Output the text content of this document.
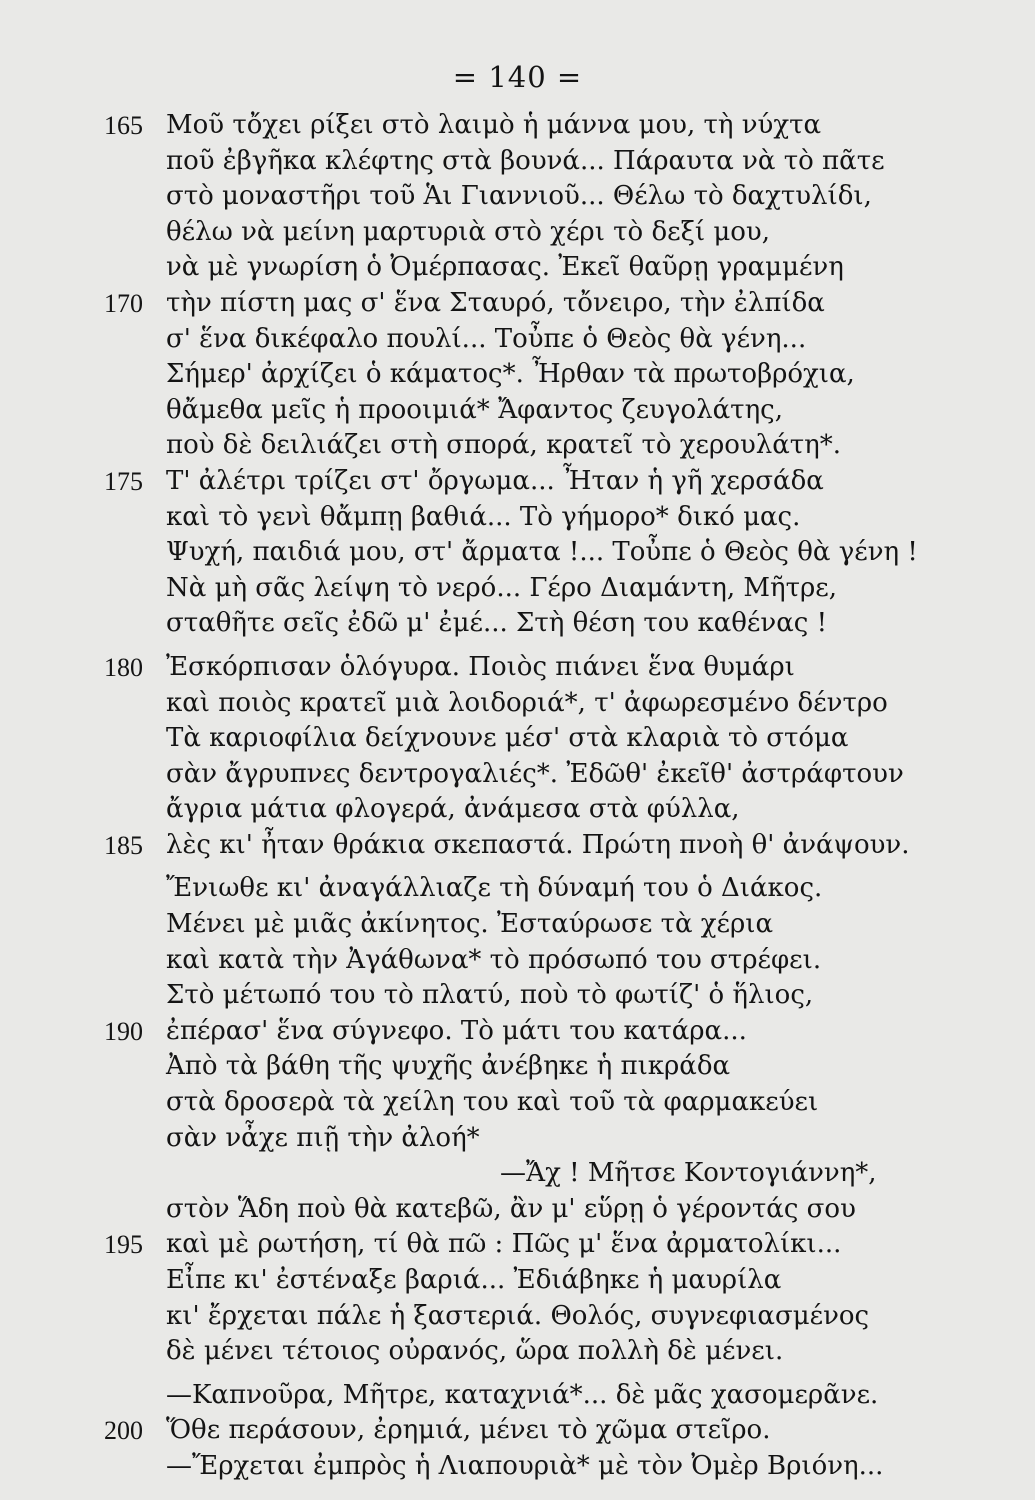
= 140 =
165 Μοῦ τὄχει ρίξει στὸ λαιμὸ ἡ μάννα μου, τὴ νύχτα
ποῦ ἐβγῆκα κλέφτης στὰ βουνά... Πάραυτα νὰ τὸ πᾶτε
στὸ μοναστῆρι τοῦ Ἁι Γιαννιοῦ... Θέλω τὸ δαχτυλίδι,
θέλω νὰ μείνη μαρτυριὰ στὸ χέρι τὸ δεξί μου,
νὰ μὲ γνωρίση ὁ Ὀμέρπασας. Ἐκεῖ θαῦρῃ γραμμένη
170 τὴν πίστη μας σ' ἕνα Σταυρό, τὄνειρο, τὴν ἐλπίδα
σ' ἕνα δικέφαλο πουλί... Τοὖπε ὁ Θεὸς θὰ γένη...
Σήμερ' ἀρχίζει ὁ κάματος*. Ἦρθαν τὰ πρωτοβρόχια,
θἄμεθα μεῖς ἡ προοιμιά* Ἄφαντος ζευγολάτης,
ποὺ δὲ δειλιάζει στὴ σπορά, κρατεῖ τὸ χερουλάτη*.
175 Τ' ἀλέτρι τρίζει στ' ὄργωμα... Ἦταν ἡ γῆ χερσάδα
καὶ τὸ γενὶ θἄμπῃ βαθιά... Τὸ γήμορο* δικό μας.
Ψυχή, παιδιά μου, στ' ἄρματα !... Τοὖπε ὁ Θεὸς θὰ γένη !
Νὰ μὴ σᾶς λείψη τὸ νερό... Γέρο Διαμάντη, Μῆτρε,
σταθῆτε σεῖς ἐδῶ μ' ἐμέ... Στὴ θέση του καθένας !
180 Ἐσκόρπισαν ὁλόγυρα. Ποιὸς πιάνει ἕνα θυμάρι
καὶ ποιὸς κρατεῖ μιὰ λοιδοριά*, τ' ἀφωρεσμένο δέντρο
Τὰ καριοφίλια δείχνουνε μέσ' στὰ κλαριὰ τὸ στόμα
σὰν ἄγρυπνες δεντρογαλιές*. Ἐδῶθ' ἐκεῖθ' ἀστράφτουν
ἄγρια μάτια φλογερά, ἀνάμεσα στὰ φύλλα,
185 λὲς κι' ἦταν θράκια σκεπαστά. Πρώτη πνοὴ θ' ἀνάψουν.
Ἔνιωθε κι' ἀναγάλλιαζε τὴ δύναμή του ὁ Διάκος.
Μένει μὲ μιᾶς ἀκίνητος. Ἐσταύρωσε τὰ χέρια
καὶ κατὰ τὴν Ἀγάθωνα* τὸ πρόσωπό του στρέφει.
Στὸ μέτωπό του τὸ πλατύ, ποὺ τὸ φωτίζ' ὁ ἥλιος,
190 ἐπέρασ' ἕνα σύγνεφο. Τὸ μάτι του κατάρα...
Ἀπὸ τὰ βάθη τῆς ψυχῆς ἀνέβηκε ἡ πικράδα
στὰ δροσερὰ τὰ χείλη του καὶ τοῦ τὰ φαρμακεύει
σὰν νἆχε πιῇ τὴν ἀλοή*
—Ἄχ ! Μῆτσε Κοντογιάννη*,
στὸν Ἅδη ποὺ θὰ κατεβῶ, ἂν μ' εὕρῃ ὁ γέροντάς σου
195 καὶ μὲ ρωτήση, τί θὰ πῶ : Πῶς μ' ἕνα ἀρματολίκι...
Εἶπε κι' ἐστέναξε βαριά... Ἐδιάβηκε ἡ μαυρίλα
κι' ἔρχεται πάλε ἡ ξαστεριά. Θολός, συγνεφιασμένος
δὲ μένει τέτοιος οὐρανός, ὥρα πολλὴ δὲ μένει.
—Καπνοῦρα, Μῆτρε, καταχνιά*... δὲ μᾶς χασομερᾶνε.
200 Ὅθε περάσουν, ἐρημιά, μένει τὸ χῶμα στεῖρο.
—Ἔρχεται ἐμπρὸς ἡ Λιαπουριὰ* μὲ τὸν Ὀμὲρ Βριόνη...
